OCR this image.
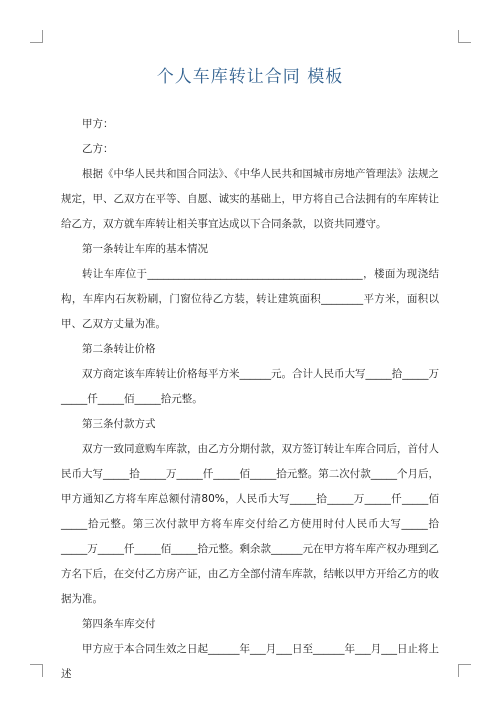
个人车库转让合同 模板

甲方：

乙方：

根据《中华人民共和国合同法》、《中华人民共和国城市房地产管理法》法规之规定，甲、乙双方在平等、自愿、诚实的基础上，甲方将自己合法拥有的车库转让给乙方，双方就车库转让相关事宜达成以下合同条款，以资共同遵守。

第一条转让车库的基本情况

转让车库位于_________________________________________，楼面为现浇结构，车库内石灰粉刷，门窗位待乙方装，转让建筑面积________平方米，面积以甲、乙双方丈量为准。

第二条转让价格

双方商定该车库转让价格每平方米______元。合计人民币大写_____拾_____万_____仟_____佰_____拾元整。

第三条付款方式

双方一致同意购车库款，由乙方分期付款，双方签订转让车库合同后，首付人民币大写_____拾_____万_____仟_____佰_____拾元整。第二次付款_____个月后，甲方通知乙方将车库总额付清80%，人民币大写_____拾_____万_____仟_____佰_____拾元整。第三次付款甲方将车库交付给乙方使用时付人民币大写_____拾_____万_____仟_____佰_____拾元整。剩余款______元在甲方将车库产权办理到乙方名下后，在交付乙方房产证，由乙方全部付清车库款，结帐以甲方开给乙方的收据为准。

第四条车库交付

甲方应于本合同生效之日起______年___月___日至______年___月___日止将上述
